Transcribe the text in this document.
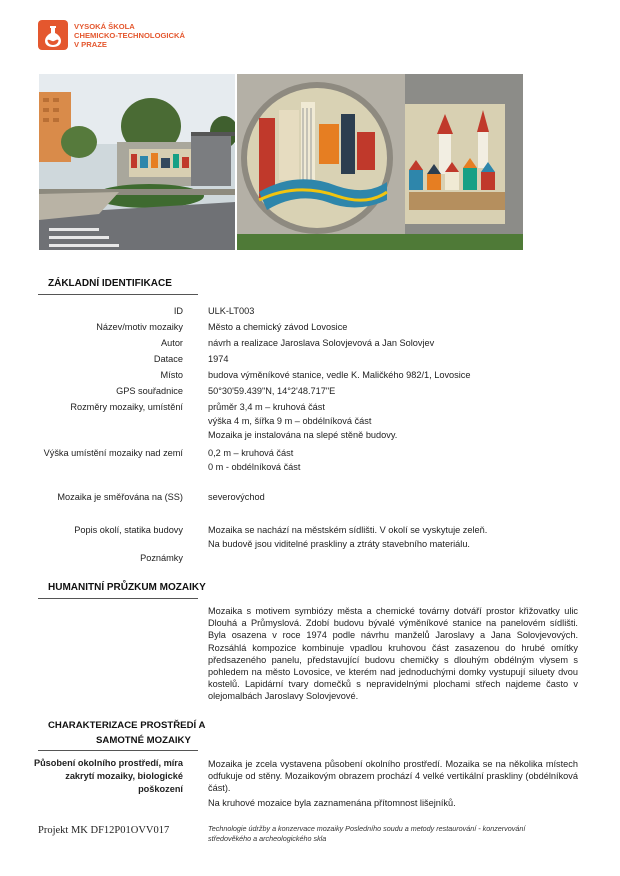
VYSOKÁ ŠKOLA
CHEMICKO-TECHNOLOGICKÁ
V PRAZE
ZÁKLADNÍ IDENTIFIKACE
ID	ULK-LT003
Název/motiv mozaiky	Město a chemický závod Lovosice
Autor	návrh a realizace Jaroslava Solovjevová a Jan Solovjev
Datace	1974
Místo	budova výměníkové stanice, vedle K. Maličkého 982/1, Lovosice
GPS souřadnice	50°30'59.439"N, 14°2'48.717"E
Rozměry mozaiky, umístění	průměr 3,4 m – kruhová část
výška 4 m, šířka 9 m – obdélníková část
Mozaika je instalována na slepé stěně budovy.
Výška umístění mozaiky nad zemí	0,2 m – kruhová část
0 m - obdélníková část
Mozaika je směřována na (SS)	severovýchod
Popis okolí, statika budovy	Mozaika se nachází na městském sídlišti. V okolí se vyskytuje zeleň.
Na budově jsou viditelné praskliny a ztráty stavebního materiálu.
Poznámky
HUMANITNÍ PRŮZKUM MOZAIKY
Mozaika s motivem symbiózy města a chemické továrny dotváří prostor křižovatky ulic Dlouhá a Průmyslová. Zdobí budovu bývalé výměníkové stanice na panelovém sídlišti. Byla osazena v roce 1974 podle návrhu manželů Jaroslavy a Jana Solovjevových. Rozsáhlá kompozice kombinuje vpadlou kruhovou část zasazenou do hrubé omítky předsazeného panelu, představující budovu chemičky s dlouhým obdélným vlysem s pohledem na město Lovosice, ve kterém nad jednoduchými domky vystupují siluety dvou kostelů. Lapidární tvary domečků s nepravidelnými plochami střech najdeme často v olejomalbách Jaroslavy Solovjevové.
CHARAKTERIZACE PROSTŘEDÍ A
SAMOTNÉ MOZAIKY
Působení okolního prostředí, míra
zakrytí mozaiky, biologické
poškození
Mozaika je zcela vystavena působení okolního prostředí. Mozaika se na několika místech odfukuje od stěny. Mozaikovým obrazem prochází 4 velké vertikální praskliny (obdélníková část).
Na kruhové mozaice byla zaznamenána přítomnost lišejníků.
Projekt MK DF12P01OVV017	Technologie údržby a konzervace mozaiky Posledního soudu a metody restaurování - konzervování
středověkého a archeologického skla
